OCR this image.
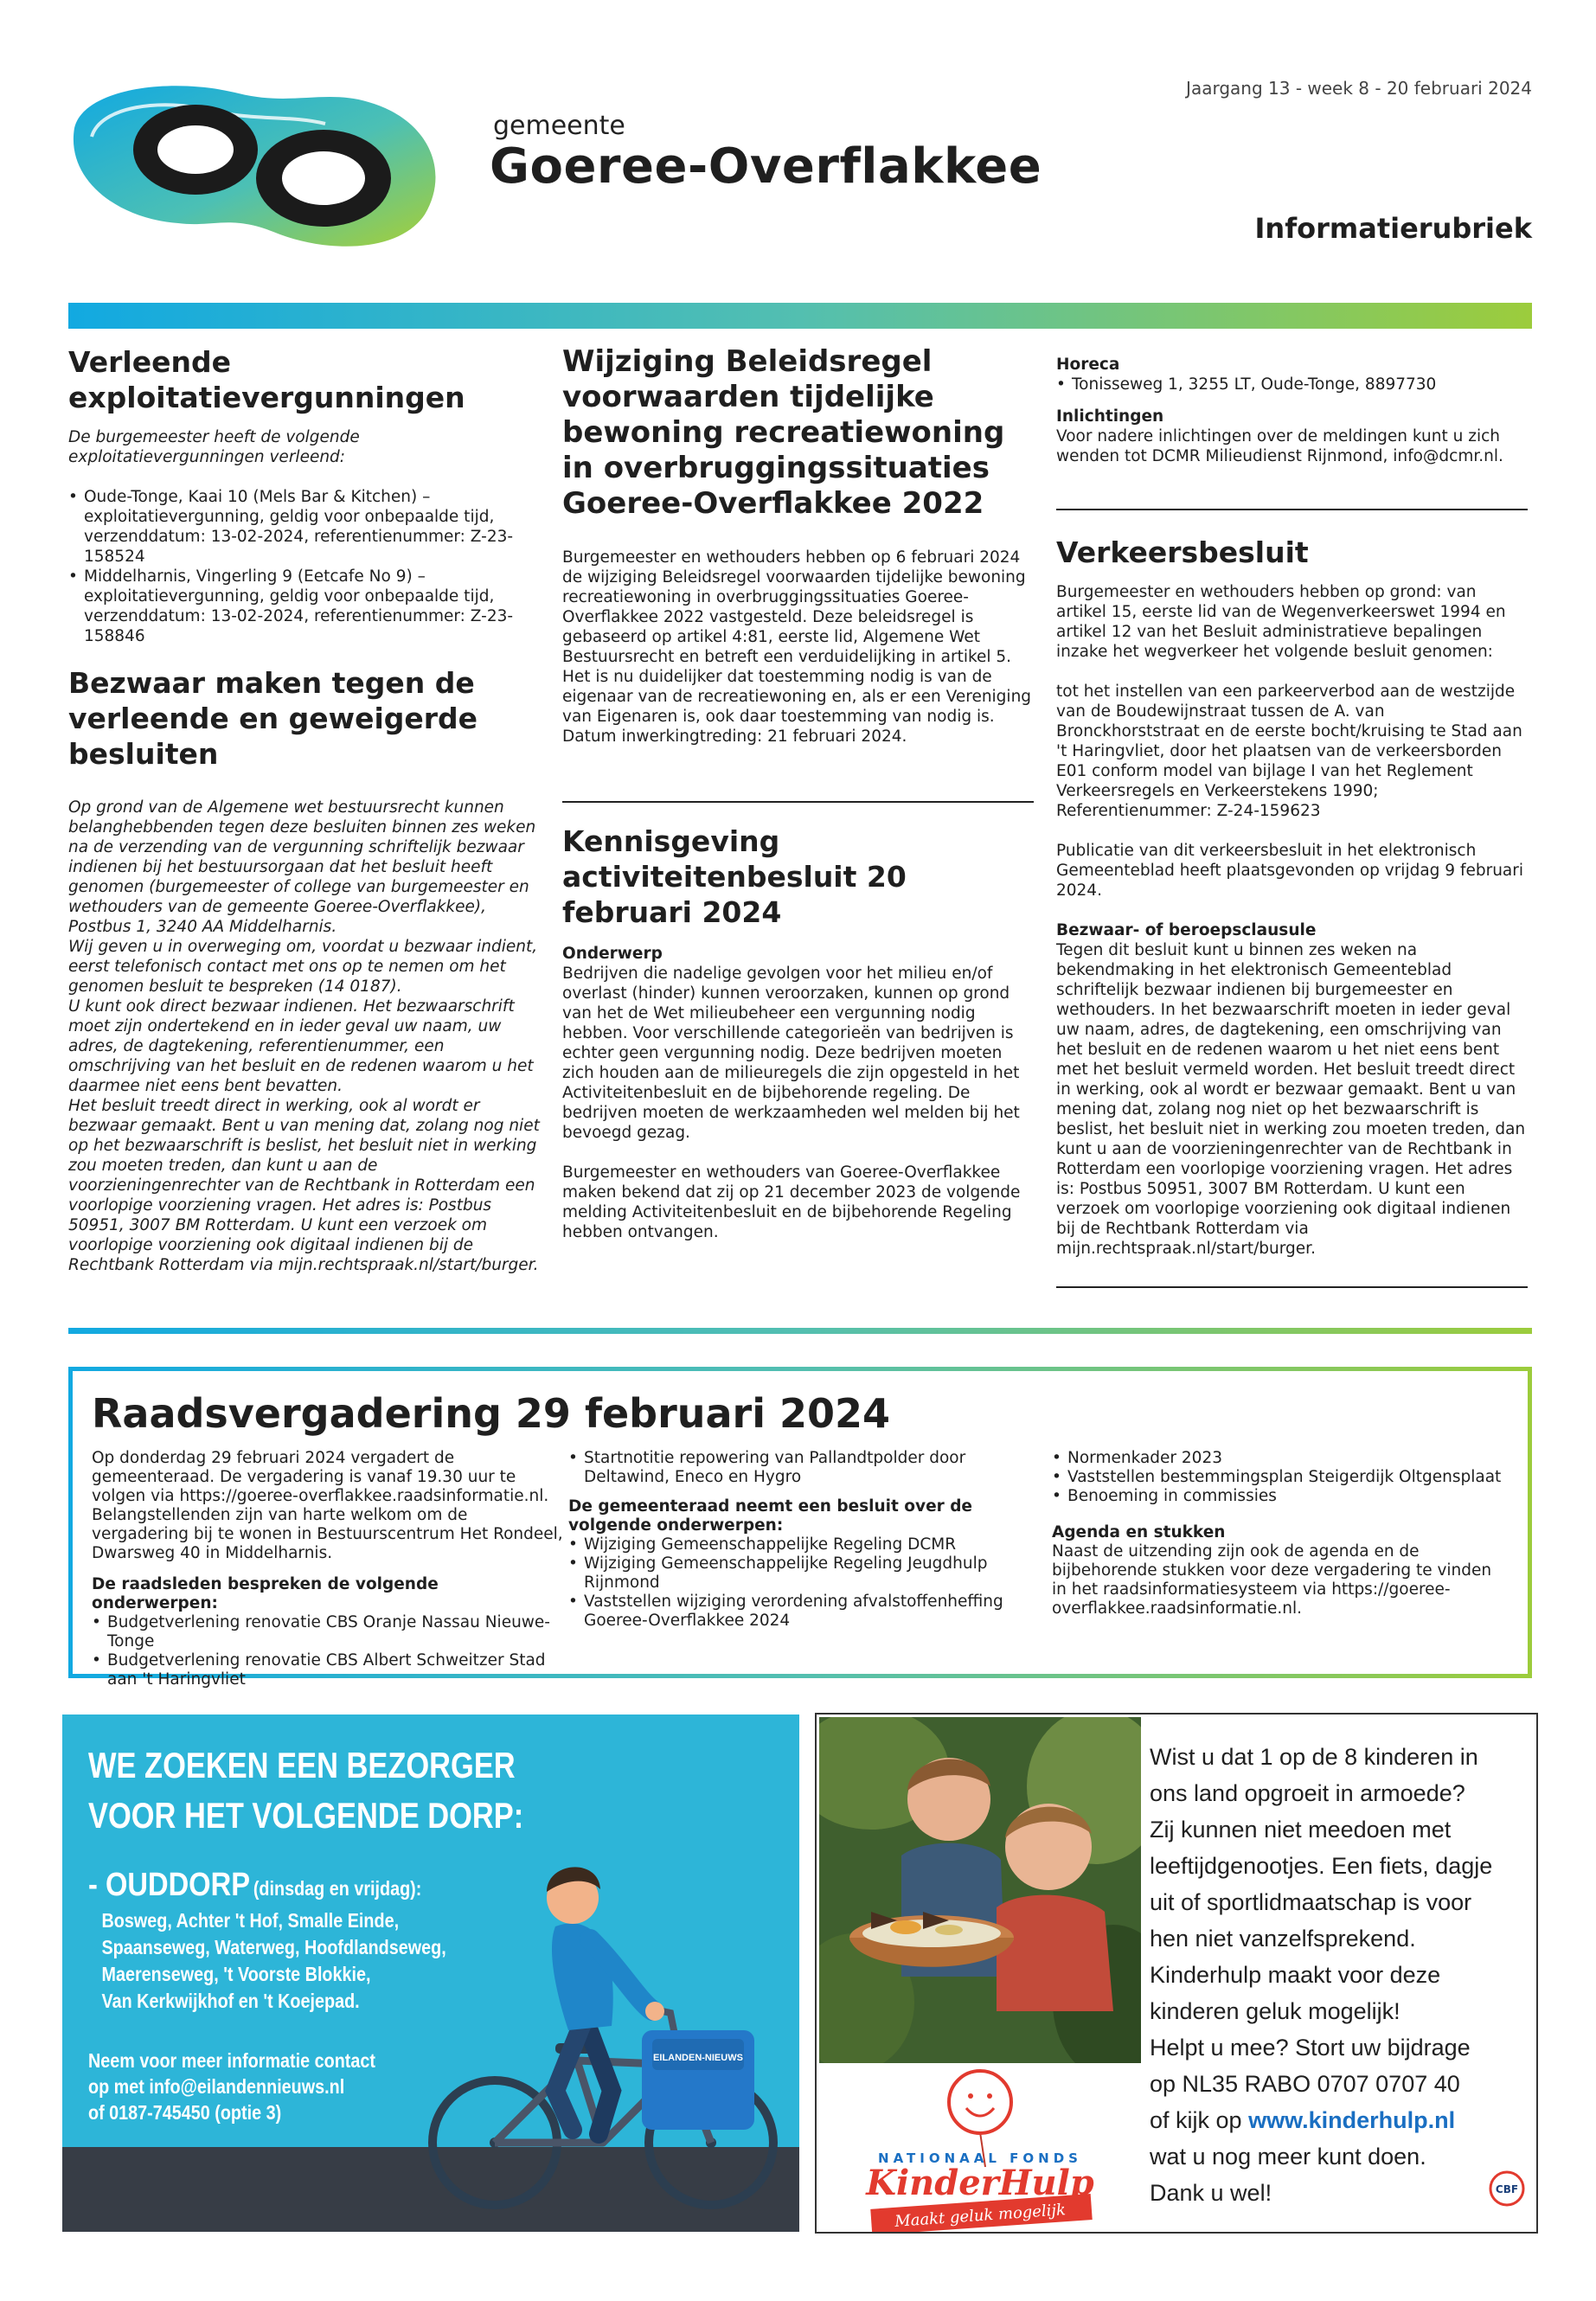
gemeente
Goeree-Overflakkee
Jaargang 13 - week 8 - 20 februari 2024
Informatierubriek
Verleende exploitatievergunningen

De burgemeester heeft de volgende exploitatievergunningen verleend:

• Oude-Tonge, Kaai 10 (Mels Bar & Kitchen) – exploitatievergunning, geldig voor onbepaalde tijd, verzenddatum: 13-02-2024, referentienummer: Z-23-158524
• Middelharnis, Vingerling 9 (Eetcafe No 9) – exploitatievergunning, geldig voor onbepaalde tijd, verzenddatum: 13-02-2024, referentienummer: Z-23-158846
Bezwaar maken tegen de verleende en geweigerde besluiten

Op grond van de Algemene wet bestuursrecht kunnen belanghebbenden tegen deze besluiten binnen zes weken na de verzending van de vergunning schriftelijk bezwaar indienen bij het bestuursorgaan dat het besluit heeft genomen (burgemeester of college van burgemeester en wethouders van de gemeente Goeree-Overflakkee), Postbus 1, 3240 AA Middelharnis.

Wij geven u in overweging om, voordat u bezwaar indient, eerst telefonisch contact met ons op te nemen om het genomen besluit te bespreken (14 0187).

U kunt ook direct bezwaar indienen. Het bezwaarschrift moet zijn ondertekend en in ieder geval uw naam, uw adres, de dagtekening, referentienummer, een omschrijving van het besluit en de redenen waarom u het daarmee niet eens bent bevatten.

Het besluit treedt direct in werking, ook al wordt er bezwaar gemaakt. Bent u van mening dat, zolang nog niet op het bezwaarschrift is beslist, het besluit niet in werking zou moeten treden, dan kunt u aan de voorzieningenrechter van de Rechtbank in Rotterdam een voorlopige voorziening vragen. Het adres is: Postbus 50951, 3007 BM Rotterdam. U kunt een verzoek om voorlopige voorziening ook digitaal indienen bij de Rechtbank Rotterdam via mijn.rechtspraak.nl/start/burger.

Wijziging Beleidsregel voorwaarden tijdelijke bewoning recreatiewoning in overbruggingssituaties Goeree-Overflakkee 2022

Burgemeester en wethouders hebben op 6 februari 2024 de wijziging Beleidsregel voorwaarden tijdelijke bewoning recreatiewoning in overbruggingssituaties Goeree-Overflakkee 2022 vastgesteld. Deze beleidsregel is gebaseerd op artikel 4:81, eerste lid, Algemene Wet Bestuursrecht en betreft een verduidelijking in artikel 5. Het is nu duidelijker dat toestemming nodig is van de eigenaar van de recreatiewoning en, als er een Vereniging van Eigenaren is, ook daar toestemming van nodig is.

Datum inwerkingtreding: 21 februari 2024.

Kennisgeving activiteitenbesluit 20 februari 2024

Onderwerp

Bedrijven die nadelige gevolgen voor het milieu en/of overlast (hinder) kunnen veroorzaken, kunnen op grond van het de Wet milieubeheer een vergunning nodig hebben. Voor verschillende categorieën van bedrijven is echter geen vergunning nodig. Deze bedrijven moeten zich houden aan de milieuregels die zijn opgesteld in het Activiteitenbesluit en de bijbehorende regeling. De bedrijven moeten de werkzaamheden wel melden bij het bevoegd gezag.

Burgemeester en wethouders van Goeree-Overflakkee maken bekend dat zij op 21 december 2023 de volgende melding Activiteitenbesluit en de bijbehorende Regeling hebben ontvangen.

Horeca

• Tonisseweg 1, 3255 LT, Oude-Tonge, 8897730

Inlichtingen

Voor nadere inlichtingen over de meldingen kunt u zich wenden tot DCMR Milieudienst Rijnmond, info@dcmr.nl.

Verkeersbesluit

Burgemeester en wethouders hebben op grond: van artikel 15, eerste lid van de Wegenverkeerswet 1994 en artikel 12 van het Besluit administratieve bepalingen inzake het wegverkeer het volgende besluit genomen:

tot het instellen van een parkeerverbod aan de westzijde van de Boudewijnstraat tussen de A. van Bronckhorststraat en de eerste bocht/kruising te Stad aan 't Haringvliet, door het plaatsen van de verkeersborden E01 conform model van bijlage I van het Reglement Verkeersregels en Verkeerstekens 1990; Referentienummer: Z-24-159623

Publicatie van dit verkeersbesluit in het elektronisch Gemeenteblad heeft plaatsgevonden op vrijdag 9 februari 2024.

Bezwaar- of beroepsclausule

Tegen dit besluit kunt u binnen zes weken na bekendmaking in het elektronisch Gemeenteblad schriftelijk bezwaar indienen bij burgemeester en wethouders. In het bezwaarschrift moeten in ieder geval uw naam, adres, de dagtekening, een omschrijving van het besluit en de redenen waarom u het niet eens bent met het besluit vermeld worden. Het besluit treedt direct in werking, ook al wordt er bezwaar gemaakt. Bent u van mening dat, zolang nog niet op het bezwaarschrift is beslist, het besluit niet in werking zou moeten treden, dan kunt u aan de voorzieningenrechter van de Rechtbank in Rotterdam een voorlopige voorziening vragen. Het adres is: Postbus 50951, 3007 BM Rotterdam. U kunt een verzoek om voorlopige voorziening ook digitaal indienen bij de Rechtbank Rotterdam via mijn.rechtspraak.nl/start/burger.

Raadsvergadering 29 februari 2024

Op donderdag 29 februari 2024 vergadert de gemeenteraad. De vergadering is vanaf 19.30 uur te volgen via https://goeree-overflakkee.raadsinformatie.nl. Belangstellenden zijn van harte welkom om de vergadering bij te wonen in Bestuurscentrum Het Rondeel, Dwarsweg 40 in Middelharnis.

De raadsleden bespreken de volgende onderwerpen:

• Budgetverlening renovatie CBS Oranje Nassau Nieuwe-Tonge
• Budgetverlening renovatie CBS Albert Schweitzer Stad aan 't Haringvliet
• Startnotitie repowering van Pallandtpolder door Deltawind, Eneco en Hygro

De gemeenteraad neemt een besluit over de volgende onderwerpen:

• Wijziging Gemeenschappelijke Regeling DCMR
• Wijziging Gemeenschappelijke Regeling Jeugdhulp Rijnmond
• Vaststellen wijziging verordening afvalstoffenheffing Goeree-Overflakkee 2024
• Normenkader 2023
• Vaststellen bestemmingsplan Steigerdijk Oltgensplaat
• Benoeming in commissies

Agenda en stukken

Naast de uitzending zijn ook de agenda en de bijbehorende stukken voor deze vergadering te vinden in het raadsinformatiesysteem via https://goeree-overflakkee.raadsinformatie.nl.

EILANDEN-NIEUWS
WE ZOEKEN EEN BEZORGER
VOOR HET VOLGENDE DORP:
- OUDDORP (dinsdag en vrijdag):
Bosweg, Achter 't Hof, Smalle Einde,
Spaanseweg, Waterweg, Hoofdlandseweg,
Maerenseweg, 't Voorste Blokkie,
Van Kerkwijkhof en 't Koejepad.
Neem voor meer informatie contact
op met info@eilandennieuws.nl
of 0187-745450 (optie 3)
NATIONAAL FONDS
KinderHulp
Maakt geluk mogelijk
Wist u dat 1 op de 8 kinderen in
ons land opgroeit in armoede?
Zij kunnen niet meedoen met
leeftijdgenootjes. Een fiets, dagje
uit of sportlidmaatschap is voor
hen niet vanzelfsprekend.
Kinderhulp maakt voor deze
kinderen geluk mogelijk!
Helpt u mee? Stort uw bijdrage
op NL35 RABO 0707 0707 40
of kijk op www.kinderhulp.nl
wat u nog meer kunt doen.
Dank u wel!	CBF
